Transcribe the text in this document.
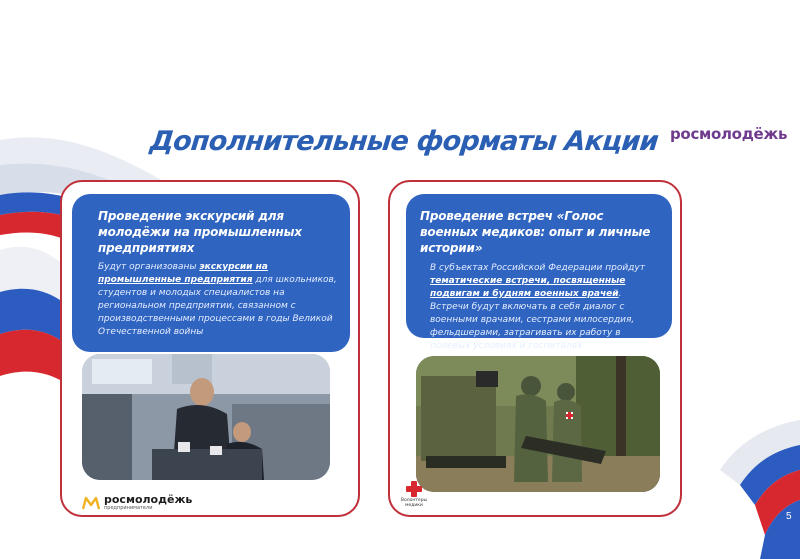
росмолодёжь
Дополнительные форматы Акции
Проведение экскурсий для молодёжи на промышленных предприятиях
Будут организованы экскурсии на промышленные предприятия для школьников, студентов и молодых специалистов на региональном предприятии, связанном с производственными процессами в годы Великой Отечественной войны
росмолодёжь
предприниматели
Проведение встреч «Голос военных медиков: опыт и личные истории»
В субъектах Российской Федерации пройдут тематические встречи, посвященные подвигам и будням военных врачей. Встречи будут включать в себя диалог с военными врачами, сестрами милосердия, фельдшерами, затрагивать их работу в полевых условиях и госпиталях
Волонтеры
медики
5
